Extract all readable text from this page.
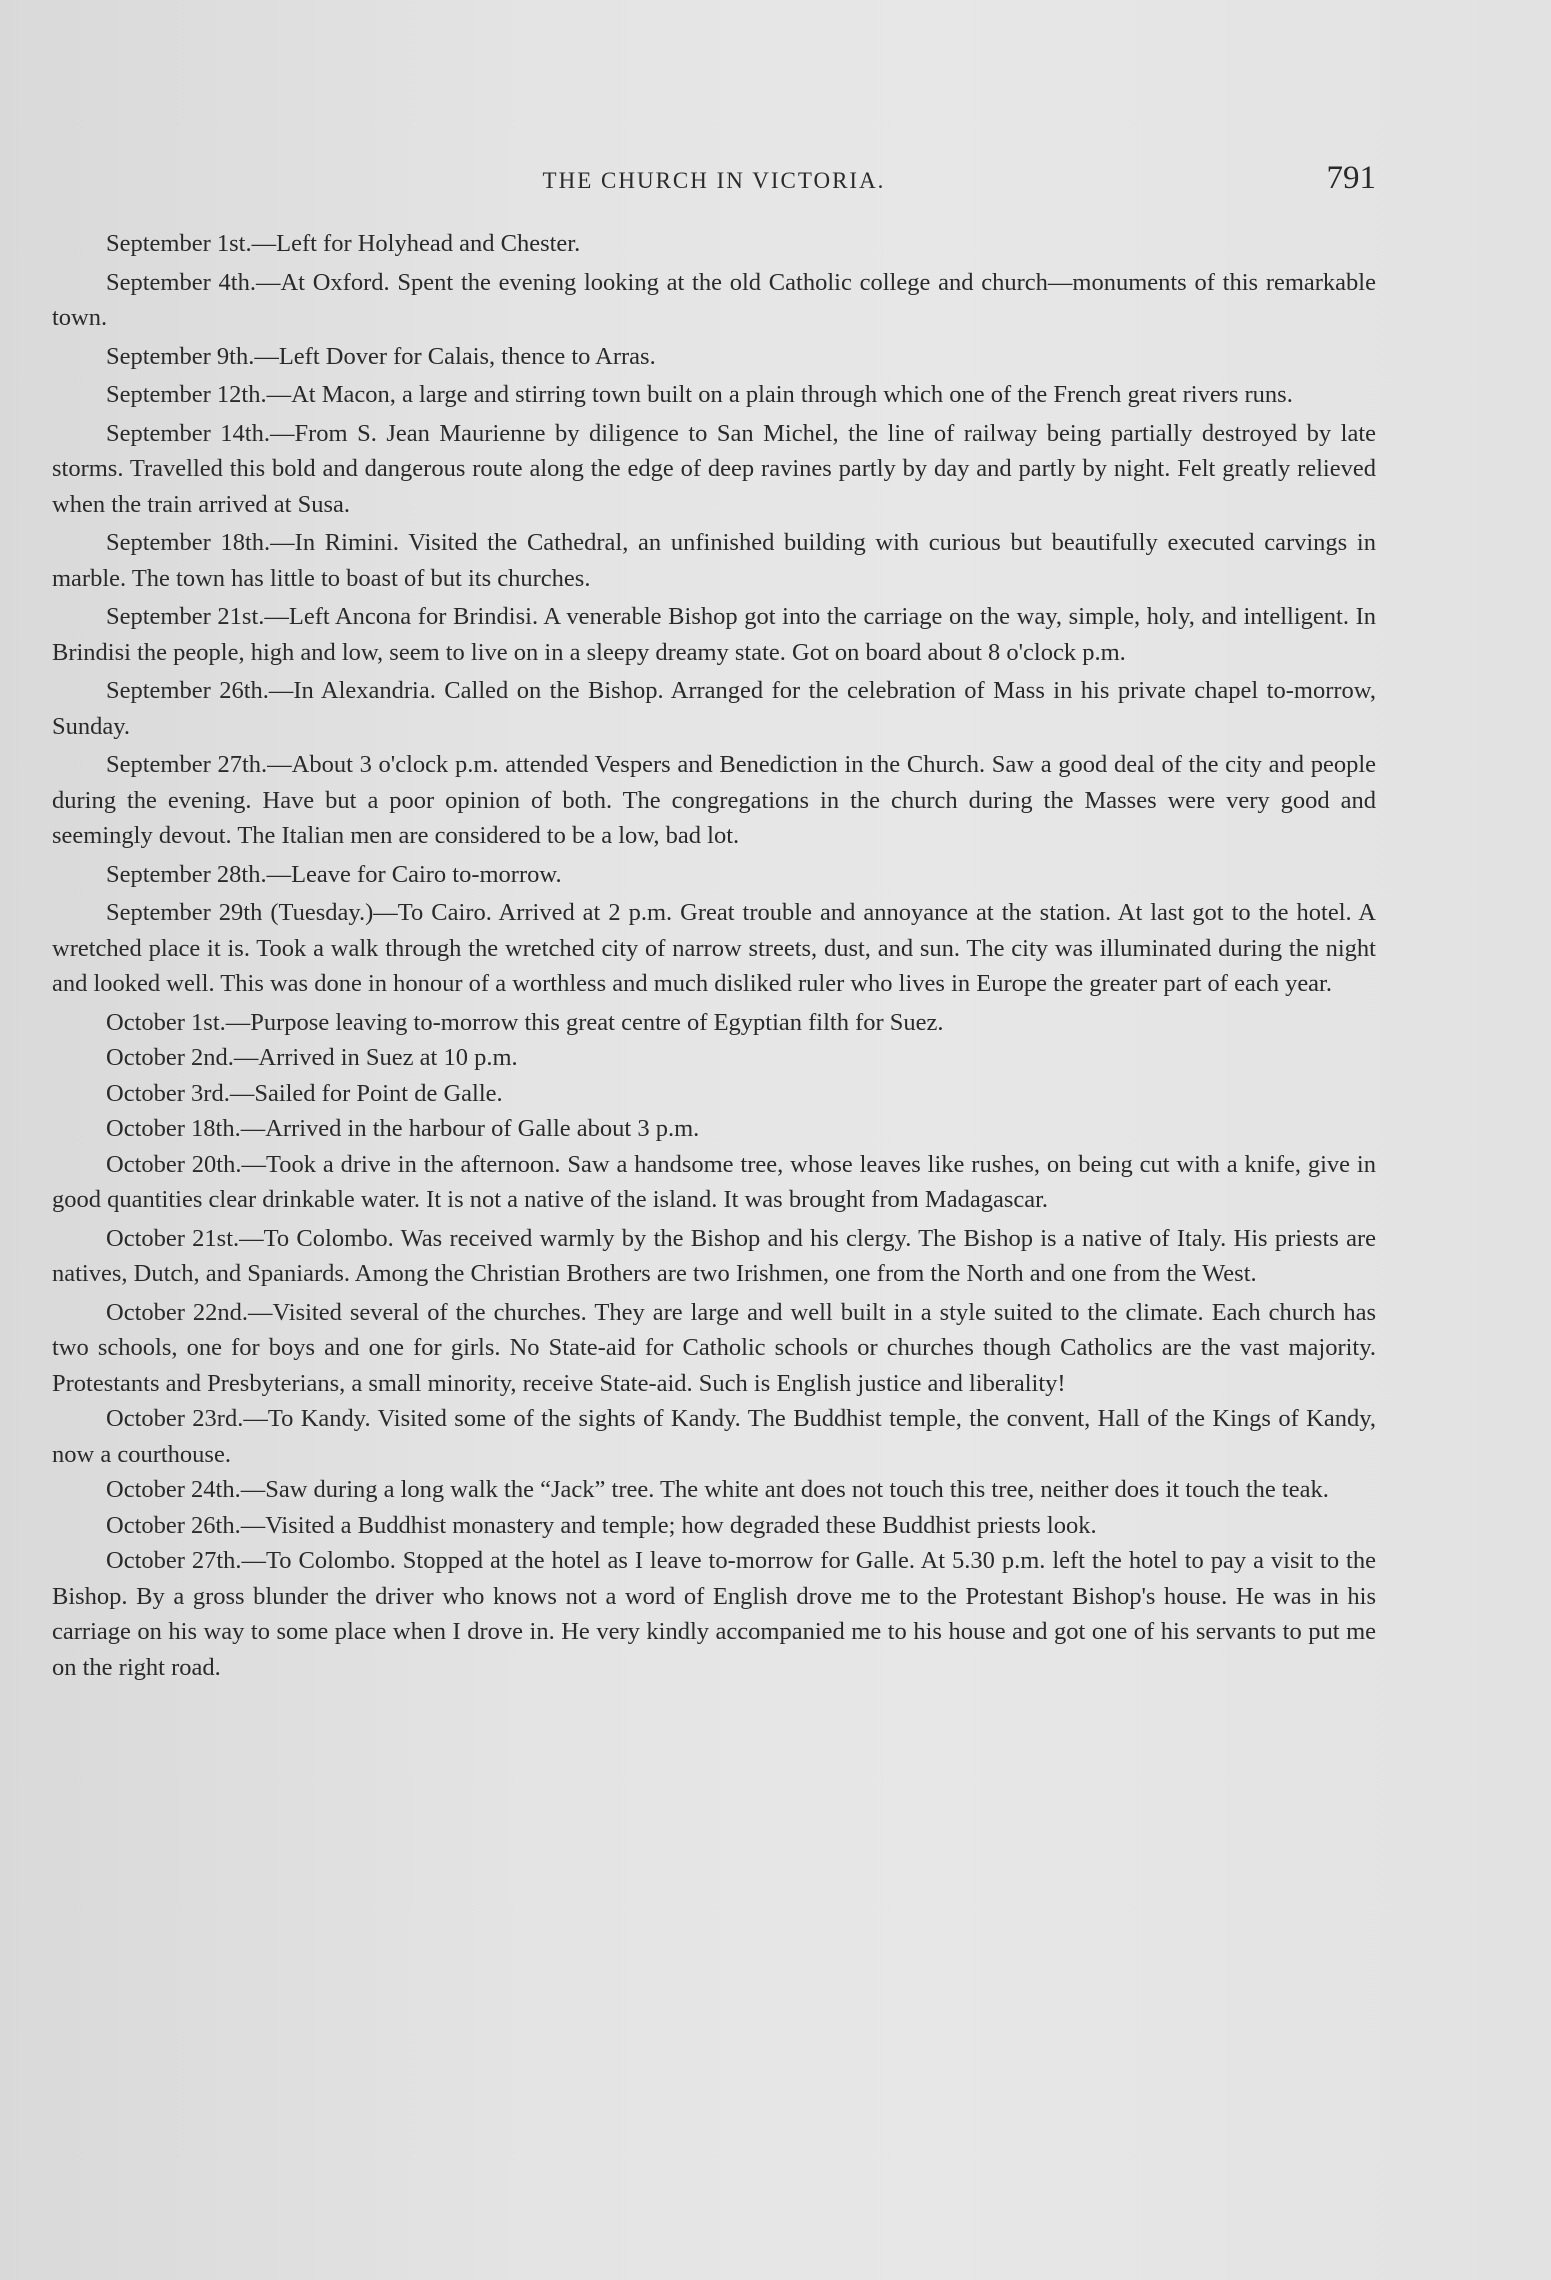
THE CHURCH IN VICTORIA.	791

September 1st.—Left for Holyhead and Chester.

September 4th.—At Oxford. Spent the evening looking at the old Catholic college and church—monuments of this remarkable town.

September 9th.—Left Dover for Calais, thence to Arras.

September 12th.—At Macon, a large and stirring town built on a plain through which one of the French great rivers runs.

September 14th.—From S. Jean Maurienne by diligence to San Michel, the line of railway being partially destroyed by late storms. Travelled this bold and dangerous route along the edge of deep ravines partly by day and partly by night. Felt greatly relieved when the train arrived at Susa.

September 18th.—In Rimini. Visited the Cathedral, an unfinished building with curious but beautifully executed carvings in marble. The town has little to boast of but its churches.

September 21st.—Left Ancona for Brindisi. A venerable Bishop got into the carriage on the way, simple, holy, and intelligent. In Brindisi the people, high and low, seem to live on in a sleepy dreamy state. Got on board about 8 o'clock p.m.

September 26th.—In Alexandria. Called on the Bishop. Arranged for the celebration of Mass in his private chapel to-morrow, Sunday.

September 27th.—About 3 o'clock p.m. attended Vespers and Benediction in the Church. Saw a good deal of the city and people during the evening. Have but a poor opinion of both. The congregations in the church during the Masses were very good and seemingly devout. The Italian men are considered to be a low, bad lot.

September 28th.—Leave for Cairo to-morrow.

September 29th (Tuesday.)—To Cairo. Arrived at 2 p.m. Great trouble and annoyance at the station. At last got to the hotel. A wretched place it is. Took a walk through the wretched city of narrow streets, dust, and sun. The city was illuminated during the night and looked well. This was done in honour of a worthless and much disliked ruler who lives in Europe the greater part of each year.

October 1st.—Purpose leaving to-morrow this great centre of Egyptian filth for Suez.

October 2nd.—Arrived in Suez at 10 p.m.

October 3rd.—Sailed for Point de Galle.

October 18th.—Arrived in the harbour of Galle about 3 p.m.

October 20th.—Took a drive in the afternoon. Saw a handsome tree, whose leaves like rushes, on being cut with a knife, give in good quantities clear drinkable water. It is not a native of the island. It was brought from Madagascar.

October 21st.—To Colombo. Was received warmly by the Bishop and his clergy. The Bishop is a native of Italy. His priests are natives, Dutch, and Spaniards. Among the Christian Brothers are two Irishmen, one from the North and one from the West.

October 22nd.—Visited several of the churches. They are large and well built in a style suited to the climate. Each church has two schools, one for boys and one for girls. No State-aid for Catholic schools or churches though Catholics are the vast majority. Protestants and Presbyterians, a small minority, receive State-aid. Such is English justice and liberality!

October 23rd.—To Kandy. Visited some of the sights of Kandy. The Buddhist temple, the convent, Hall of the Kings of Kandy, now a courthouse.

October 24th.—Saw during a long walk the “Jack” tree. The white ant does not touch this tree, neither does it touch the teak.

October 26th.—Visited a Buddhist monastery and temple; how degraded these Buddhist priests look.

October 27th.—To Colombo. Stopped at the hotel as I leave to-morrow for Galle. At 5.30 p.m. left the hotel to pay a visit to the Bishop. By a gross blunder the driver who knows not a word of English drove me to the Protestant Bishop's house. He was in his carriage on his way to some place when I drove in. He very kindly accompanied me to his house and got one of his servants to put me on the right road.
